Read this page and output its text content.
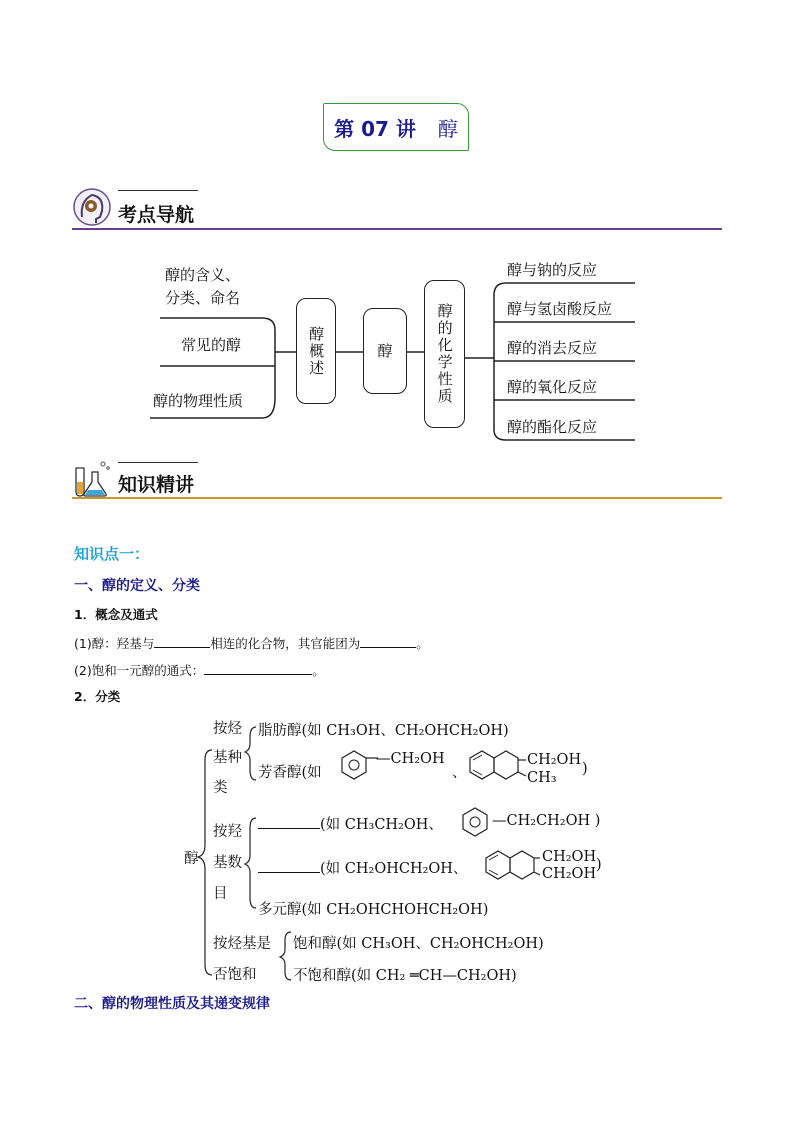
第 07 讲 醇
考点导航
醇的含义、
分类、命名
常见的醇
醇的物理性质
醇概述	醇	醇的化学性质
醇与钠的反应
醇与氢卤酸反应
醇的消去反应
醇的氧化反应
醇的酯化反应
知识精讲
知识点一：
一、醇的定义、分类
1．概念及通式
(1)醇：羟基与	相连的化合物，其官能团为	。
(2)饱和一元醇的通式：	。
2．分类
醇
按烃
基种
类
脂肪醇(如 CH₃OH、CH₂OHCH₂OH)
芳香醇(如
—CH₂OH
、
CH₂OH
CH₃
)
按羟
基数
目
(如 CH₃CH₂OH、	—CH₂CH₂OH )
(如 CH₂OHCH₂OH、
CH₂OH
CH₂OH
)
多元醇(如 CH₂OHCHOHCH₂OH)
按烃基是
否饱和
饱和醇(如 CH₃OH、CH₂OHCH₂OH)
不饱和醇(如 CH₂ ═CH—CH₂OH)
二、醇的物理性质及其递变规律
